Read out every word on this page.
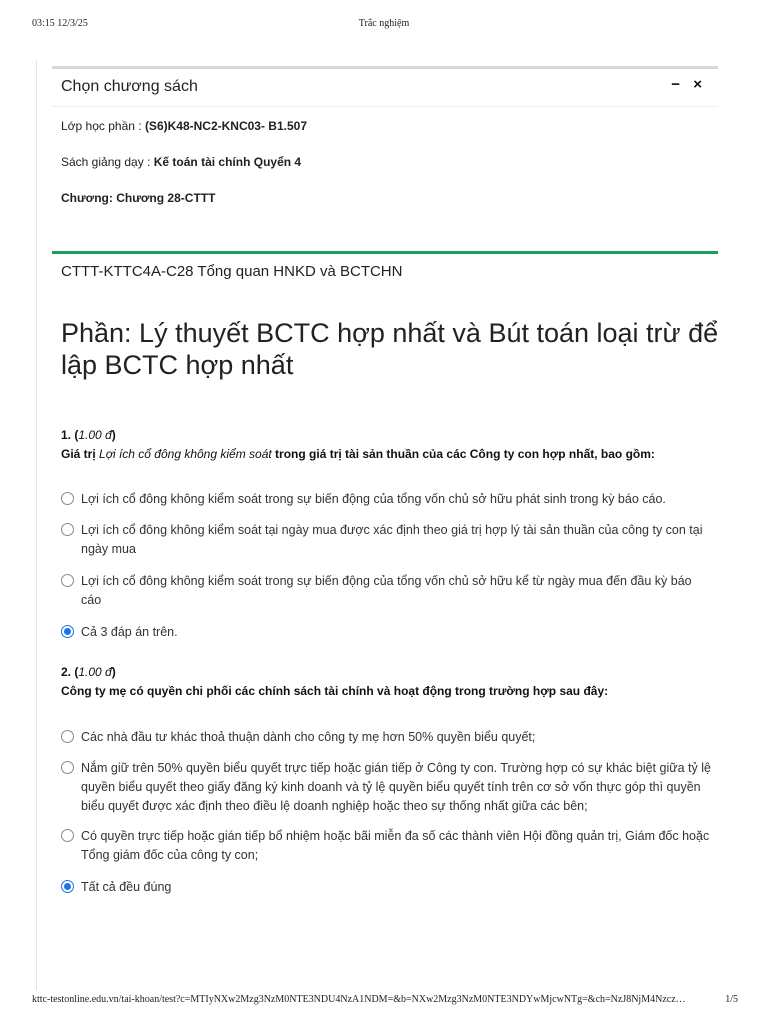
03:15 12/3/25	Trắc nghiệm
Chọn chương sách	− ×
Lớp học phần : (S6)K48-NC2-KNC03- B1.507
Sách giảng dạy : Kế toán tài chính Quyển 4
Chương: Chương 28-CTTT
CTTT-KTTC4A-C28 Tổng quan HNKD và BCTCHN
Phần: Lý thuyết BCTC hợp nhất và Bút toán loại trừ để lập BCTC hợp nhất
1. (1.00 đ)
Giá trị Lợi ích cổ đông không kiểm soát trong giá trị tài sản thuần của các Công ty con hợp nhất, bao gồm:
Lợi ích cổ đông không kiểm soát trong sự biến động của tổng vốn chủ sở hữu phát sinh trong kỳ báo cáo.
Lợi ích cổ đông không kiểm soát tại ngày mua được xác định theo giá trị hợp lý tài sản thuần của công ty con tại ngày mua
Lợi ích cổ đông không kiểm soát trong sự biến động của tổng vốn chủ sở hữu kể từ ngày mua đến đầu kỳ báo cáo
Cả 3 đáp án trên.
2. (1.00 đ)
Công ty mẹ có quyền chi phối các chính sách tài chính và hoạt động trong trường hợp sau đây:
Các nhà đầu tư khác thoả thuận dành cho công ty mẹ hơn 50% quyền biểu quyết;
Nắm giữ trên 50% quyền biểu quyết trực tiếp hoặc gián tiếp ở Công ty con. Trường hợp có sự khác biệt giữa tỷ lệ quyền biểu quyết theo giấy đăng ký kinh doanh và tỷ lệ quyền biểu quyết tính trên cơ sở vốn thực góp thì quyền biểu quyết được xác định theo điều lệ doanh nghiệp hoặc theo sự thống nhất giữa các bên;
Có quyền trực tiếp hoặc gián tiếp bổ nhiệm hoặc bãi miễn đa số các thành viên Hội đồng quản trị, Giám đốc hoặc Tổng giám đốc của công ty con;
Tất cả đều đúng
kttc-testonline.edu.vn/tai-khoan/test?c=MTIyNXw2Mzg3NzM0NTE3NDU4NzA1NDM=&b=NXw2Mzg3NzM0NTE3NDYwMjcwNTg=&ch=NzJ8NjM4Nzcz…	1/5
